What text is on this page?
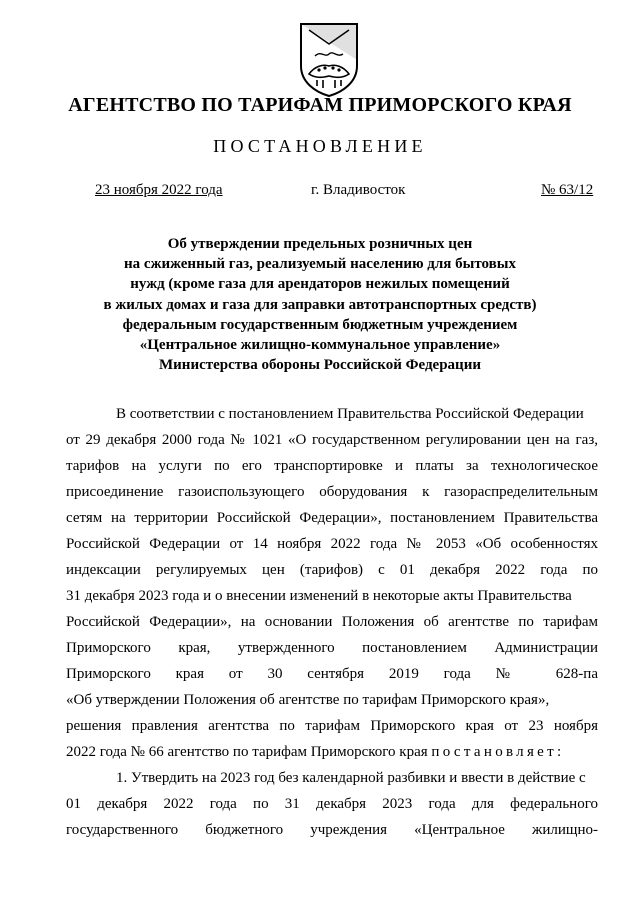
АГЕНТСТВО ПО ТАРИФАМ ПРИМОРСКОГО КРАЯ
ПОСТАНОВЛЕНИЕ
23 ноября 2022 года	г. Владивосток	№ 63/12
Об утверждении предельных розничных цен
на сжиженный газ, реализуемый населению для бытовых
нужд (кроме газа для арендаторов нежилых помещений
в жилых домах и газа для заправки автотранспортных средств)
федеральным государственным бюджетным учреждением
«Центральное жилищно-коммунальное управление»
Министерства обороны Российской Федерации
В соответствии с постановлением Правительства Российской Федерации
от 29 декабря 2000 года № 1021 «О государственном регулировании цен на газ,
тарифов на услуги по его транспортировке и платы за технологическое
присоединение газоиспользующего оборудования к газораспределительным
сетям на территории Российской Федерации», постановлением Правительства
Российской Федерации от 14 ноября 2022 года № 2053 «Об особенностях
индексации регулируемых цен (тарифов) с 01 декабря 2022 года по
31 декабря 2023 года и о внесении изменений в некоторые акты Правительства
Российской Федерации», на основании Положения об агентстве по тарифам
Приморского края, утвержденного постановлением Администрации
Приморского края от 30 сентября 2019 года № 628-па
«Об утверждении Положения об агентстве по тарифам Приморского края»,
решения правления агентства по тарифам Приморского края от 23 ноября
2022 года № 66 агентство по тарифам Приморского края постановляет:
1. Утвердить на 2023 год без календарной разбивки и ввести в действие с
01 декабря 2022 года по 31 декабря 2023 года для федерального
государственного бюджетного учреждения «Центральное жилищно-
